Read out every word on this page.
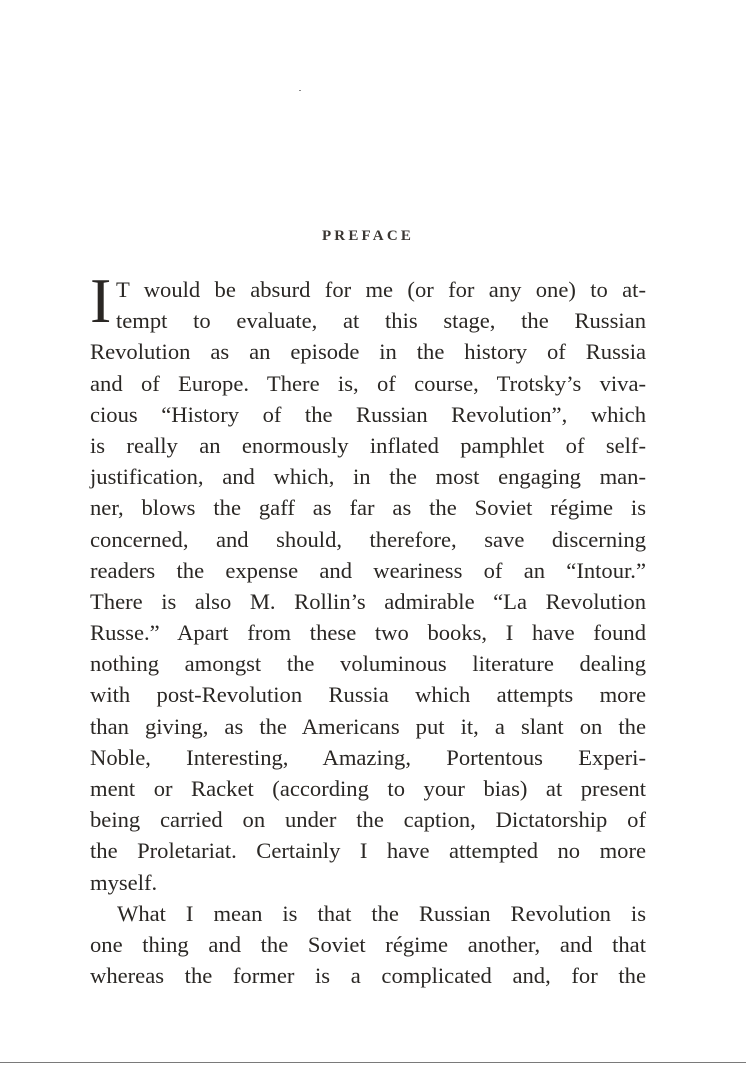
PREFACE
I T would be absurd for me (or for any one) to at-
tempt to evaluate, at this stage, the Russian
Revolution as an episode in the history of Russia
and of Europe. There is, of course, Trotsky’s viva-
cious “History of the Russian Revolution”, which
is really an enormously inflated pamphlet of self-
justification, and which, in the most engaging man-
ner, blows the gaff as far as the Soviet régime is
concerned, and should, therefore, save discerning
readers the expense and weariness of an “Intour.”
There is also M. Rollin’s admirable “La Revolution
Russe.” Apart from these two books, I have found
nothing amongst the voluminous literature dealing
with post-Revolution Russia which attempts more
than giving, as the Americans put it, a slant on the
Noble, Interesting, Amazing, Portentous Experi-
ment or Racket (according to your bias) at present
being carried on under the caption, Dictatorship of
the Proletariat. Certainly I have attempted no more
myself.
What I mean is that the Russian Revolution is
one thing and the Soviet régime another, and that
whereas the former is a complicated and, for the
